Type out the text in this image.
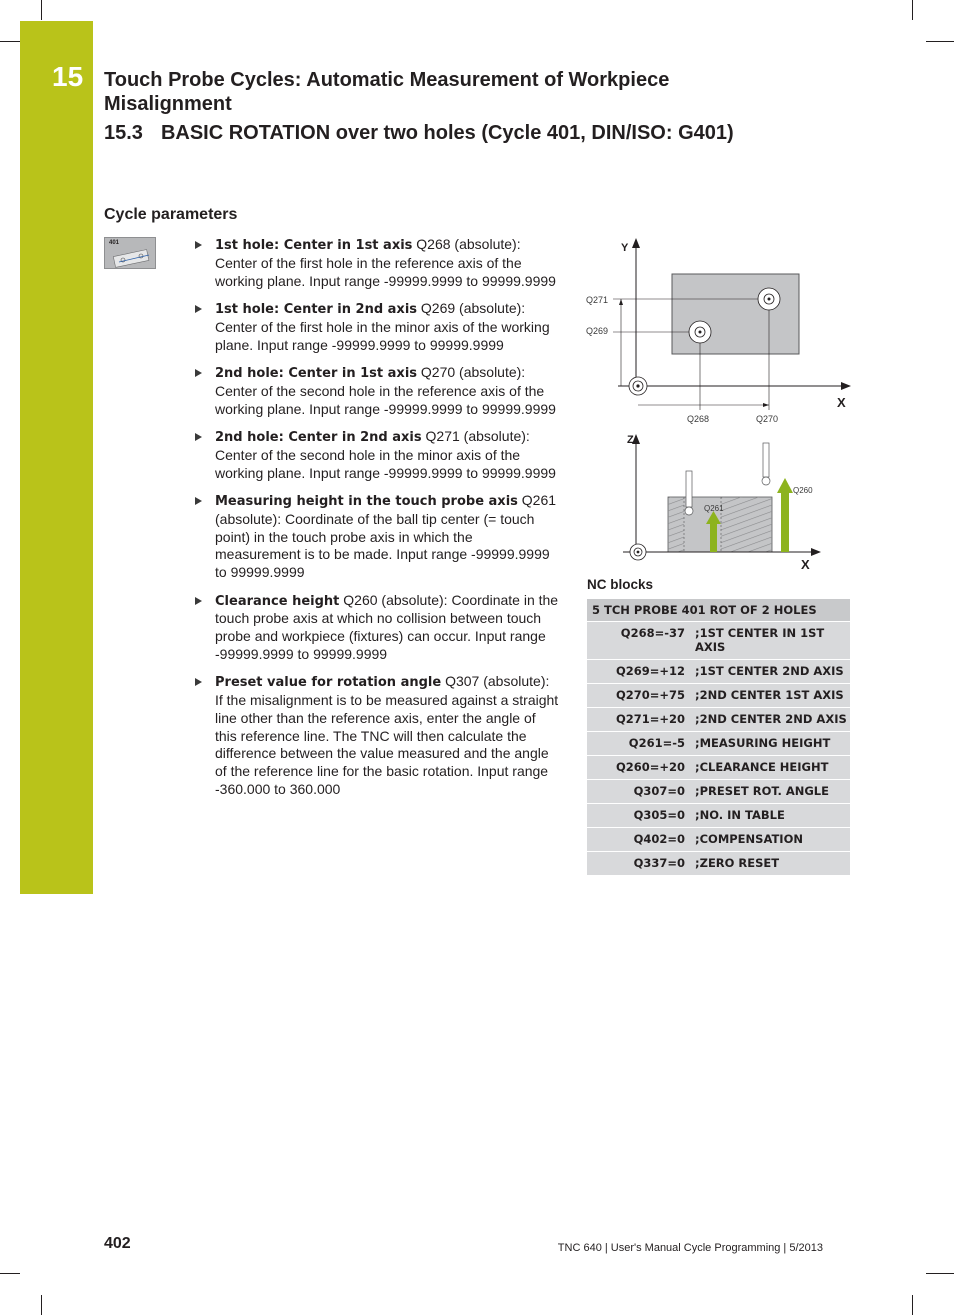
15 Touch Probe Cycles: Automatic Measurement of Workpiece Misalignment
15.3 BASIC ROTATION over two holes (Cycle 401, DIN/ISO: G401)
Cycle parameters
401	1st hole: Center in 1st axis Q268 (absolute): Center of the first hole in the reference axis of the working plane. Input range -99999.9999 to 99999.9999
1st hole: Center in 2nd axis Q269 (absolute): Center of the first hole in the minor axis of the working plane. Input range -99999.9999 to 99999.9999
2nd hole: Center in 1st axis Q270 (absolute): Center of the second hole in the reference axis of the working plane. Input range -99999.9999 to 99999.9999
2nd hole: Center in 2nd axis Q271 (absolute): Center of the second hole in the minor axis of the working plane. Input range -99999.9999 to 99999.9999
Measuring height in the touch probe axis Q261 (absolute): Coordinate of the ball tip center (= touch point) in the touch probe axis in which the measurement is to be made. Input range -99999.9999 to 99999.9999
Clearance height Q260 (absolute): Coordinate in the touch probe axis at which no collision between touch probe and workpiece (fixtures) can occur. Input range -99999.9999 to 99999.9999
Preset value for rotation angle Q307 (absolute): If the misalignment is to be measured against a straight line other than the reference axis, enter the angle of this reference line. The TNC will then calculate the difference between the value measured and the angle of the reference line for the basic rotation. Input range -360.000 to 360.000
Y
X
Q271
Q269
Q268	Q270
Z
X
Q261
Q260
NC blocks
5 TCH PROBE 401 ROT OF 2 HOLES
Q268=-37 ;1ST CENTER IN 1ST AXIS
Q269=+12 ;1ST CENTER 2ND AXIS
Q270=+75 ;2ND CENTER 1ST AXIS
Q271=+20 ;2ND CENTER 2ND AXIS
Q261=-5 ;MEASURING HEIGHT
Q260=+20 ;CLEARANCE HEIGHT
Q307=0 ;PRESET ROT. ANGLE
Q305=0 ;NO. IN TABLE
Q402=0 ;COMPENSATION
Q337=0 ;ZERO RESET
402	TNC 640 | User's Manual Cycle Programming | 5/2013
